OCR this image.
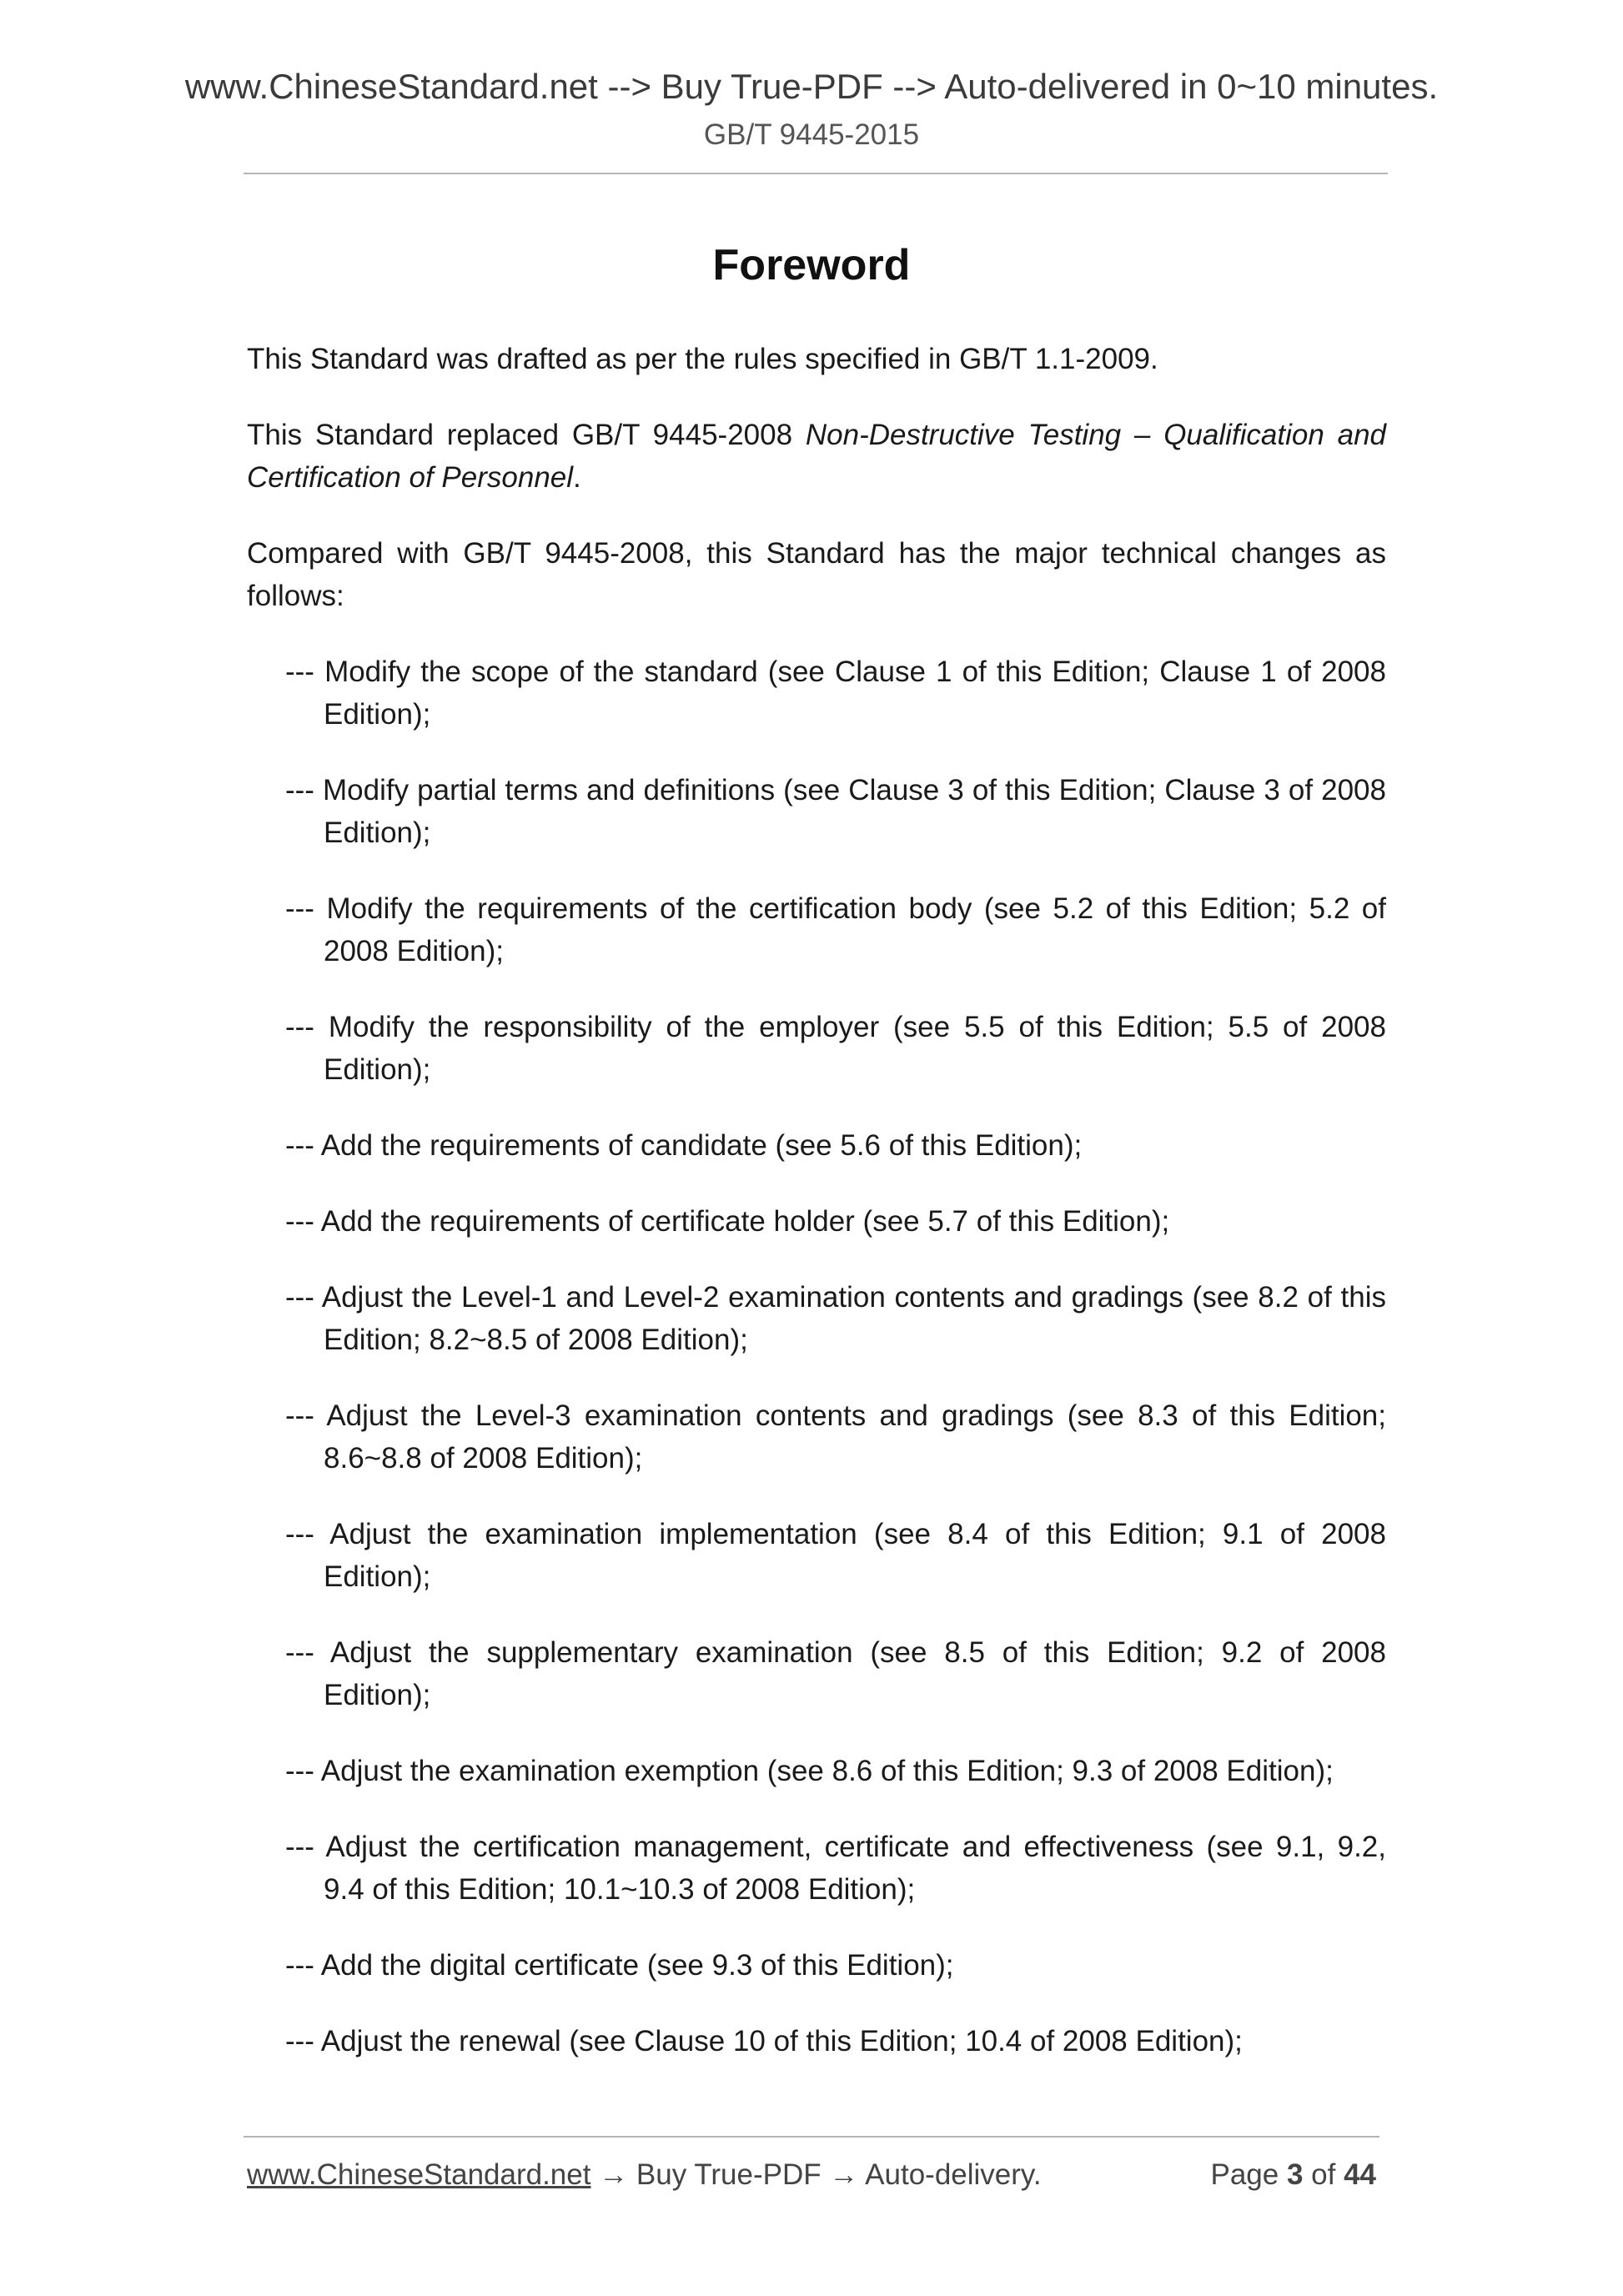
www.ChineseStandard.net --> Buy True-PDF --> Auto-delivered in 0~10 minutes.

GB/T 9445-2015

Foreword

This Standard was drafted as per the rules specified in GB/T 1.1-2009.

This Standard replaced GB/T 9445-2008 Non-Destructive Testing – Qualification and Certification of Personnel.

Compared with GB/T 9445-2008, this Standard has the major technical changes as follows:

--- Modify the scope of the standard (see Clause 1 of this Edition; Clause 1 of 2008 Edition);
--- Modify partial terms and definitions (see Clause 3 of this Edition; Clause 3 of 2008 Edition);
--- Modify the requirements of the certification body (see 5.2 of this Edition; 5.2 of 2008 Edition);
--- Modify the responsibility of the employer (see 5.5 of this Edition; 5.5 of 2008 Edition);
--- Add the requirements of candidate (see 5.6 of this Edition);
--- Add the requirements of certificate holder (see 5.7 of this Edition);
--- Adjust the Level-1 and Level-2 examination contents and gradings (see 8.2 of this Edition; 8.2~8.5 of 2008 Edition);
--- Adjust the Level-3 examination contents and gradings (see 8.3 of this Edition; 8.6~8.8 of 2008 Edition);
--- Adjust the examination implementation (see 8.4 of this Edition; 9.1 of 2008 Edition);
--- Adjust the supplementary examination (see 8.5 of this Edition; 9.2 of 2008 Edition);
--- Adjust the examination exemption (see 8.6 of this Edition; 9.3 of 2008 Edition);
--- Adjust the certification management, certificate and effectiveness (see 9.1, 9.2, 9.4 of this Edition; 10.1~10.3 of 2008 Edition);
--- Add the digital certificate (see 9.3 of this Edition);
--- Adjust the renewal (see Clause 10 of this Edition; 10.4 of 2008 Edition);
www.ChineseStandard.net → Buy True-PDF → Auto-delivery.	Page 3 of 44
